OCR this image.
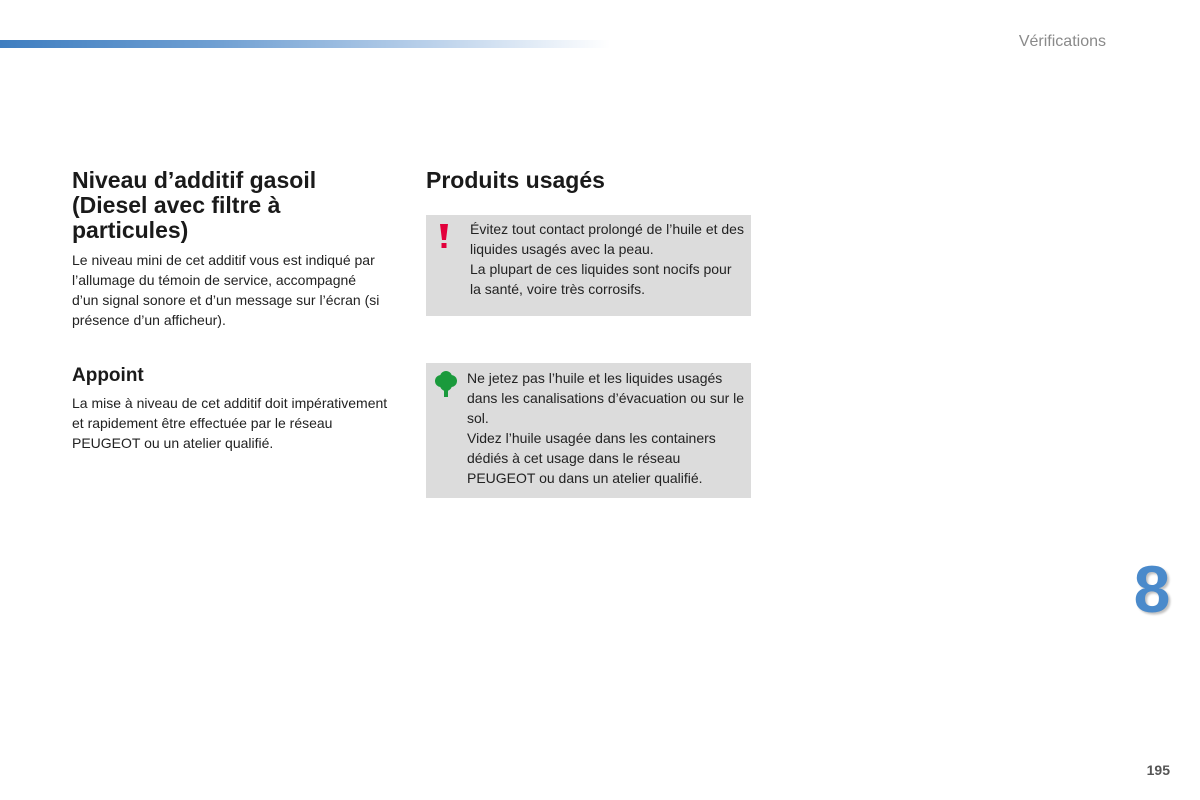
Vérifications
Niveau d’additif gasoil (Diesel avec filtre à particules)

Le niveau mini de cet additif vous est indiqué par l’allumage du témoin de service, accompagné d’un signal sonore et d’un message sur l’écran (si présence d’un afficheur).

Appoint

La mise à niveau de cet additif doit impérativement et rapidement être effectuée par le réseau PEUGEOT ou un atelier qualifié.

Produits usagés

Évitez tout contact prolongé de l’huile et des liquides usagés avec la peau.

La plupart de ces liquides sont nocifs pour la santé, voire très corrosifs.

Ne jetez pas l’huile et les liquides usagés dans les canalisations d’évacuation ou sur le sol.

Videz l’huile usagée dans les containers dédiés à cet usage dans le réseau PEUGEOT ou dans un atelier qualifié.

8
195
